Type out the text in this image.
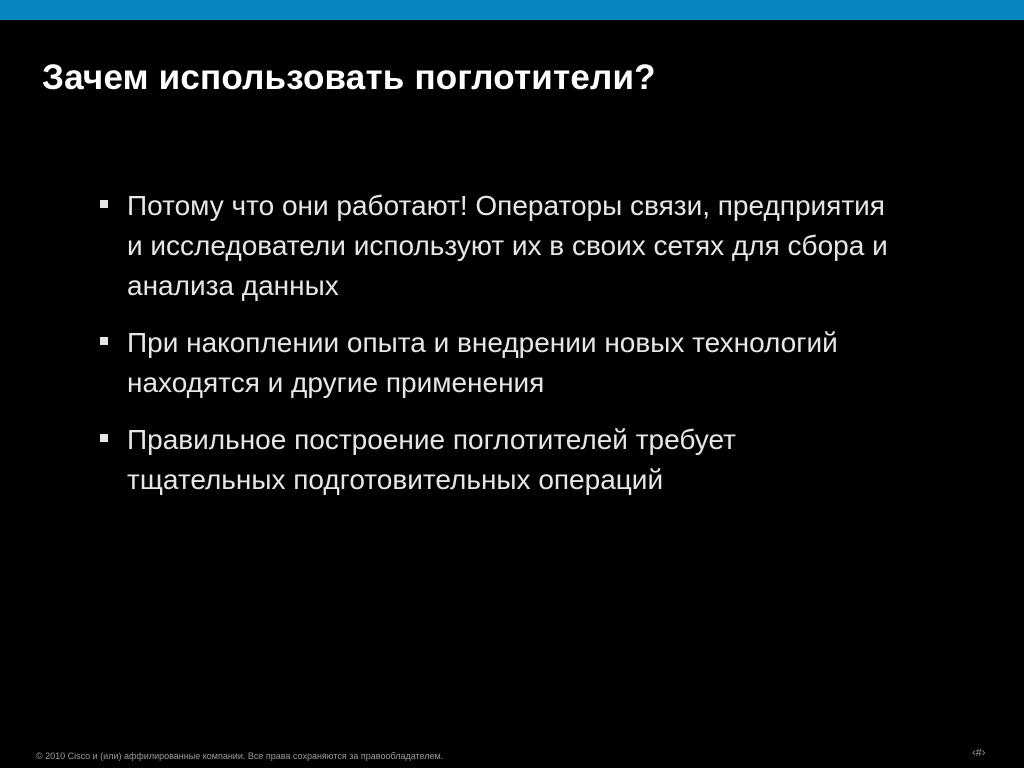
Зачем использовать поглотители?
Потому что они работают! Операторы связи, предприятия и исследователи используют их в своих сетях для сбора и анализа данных
При накоплении опыта и внедрении новых технологий находятся и другие применения
Правильное построение поглотителей требует тщательных подготовительных операций
© 2010 Cisco и (или) аффилированные компании. Все права сохраняются за правообладателем.	‹#›
